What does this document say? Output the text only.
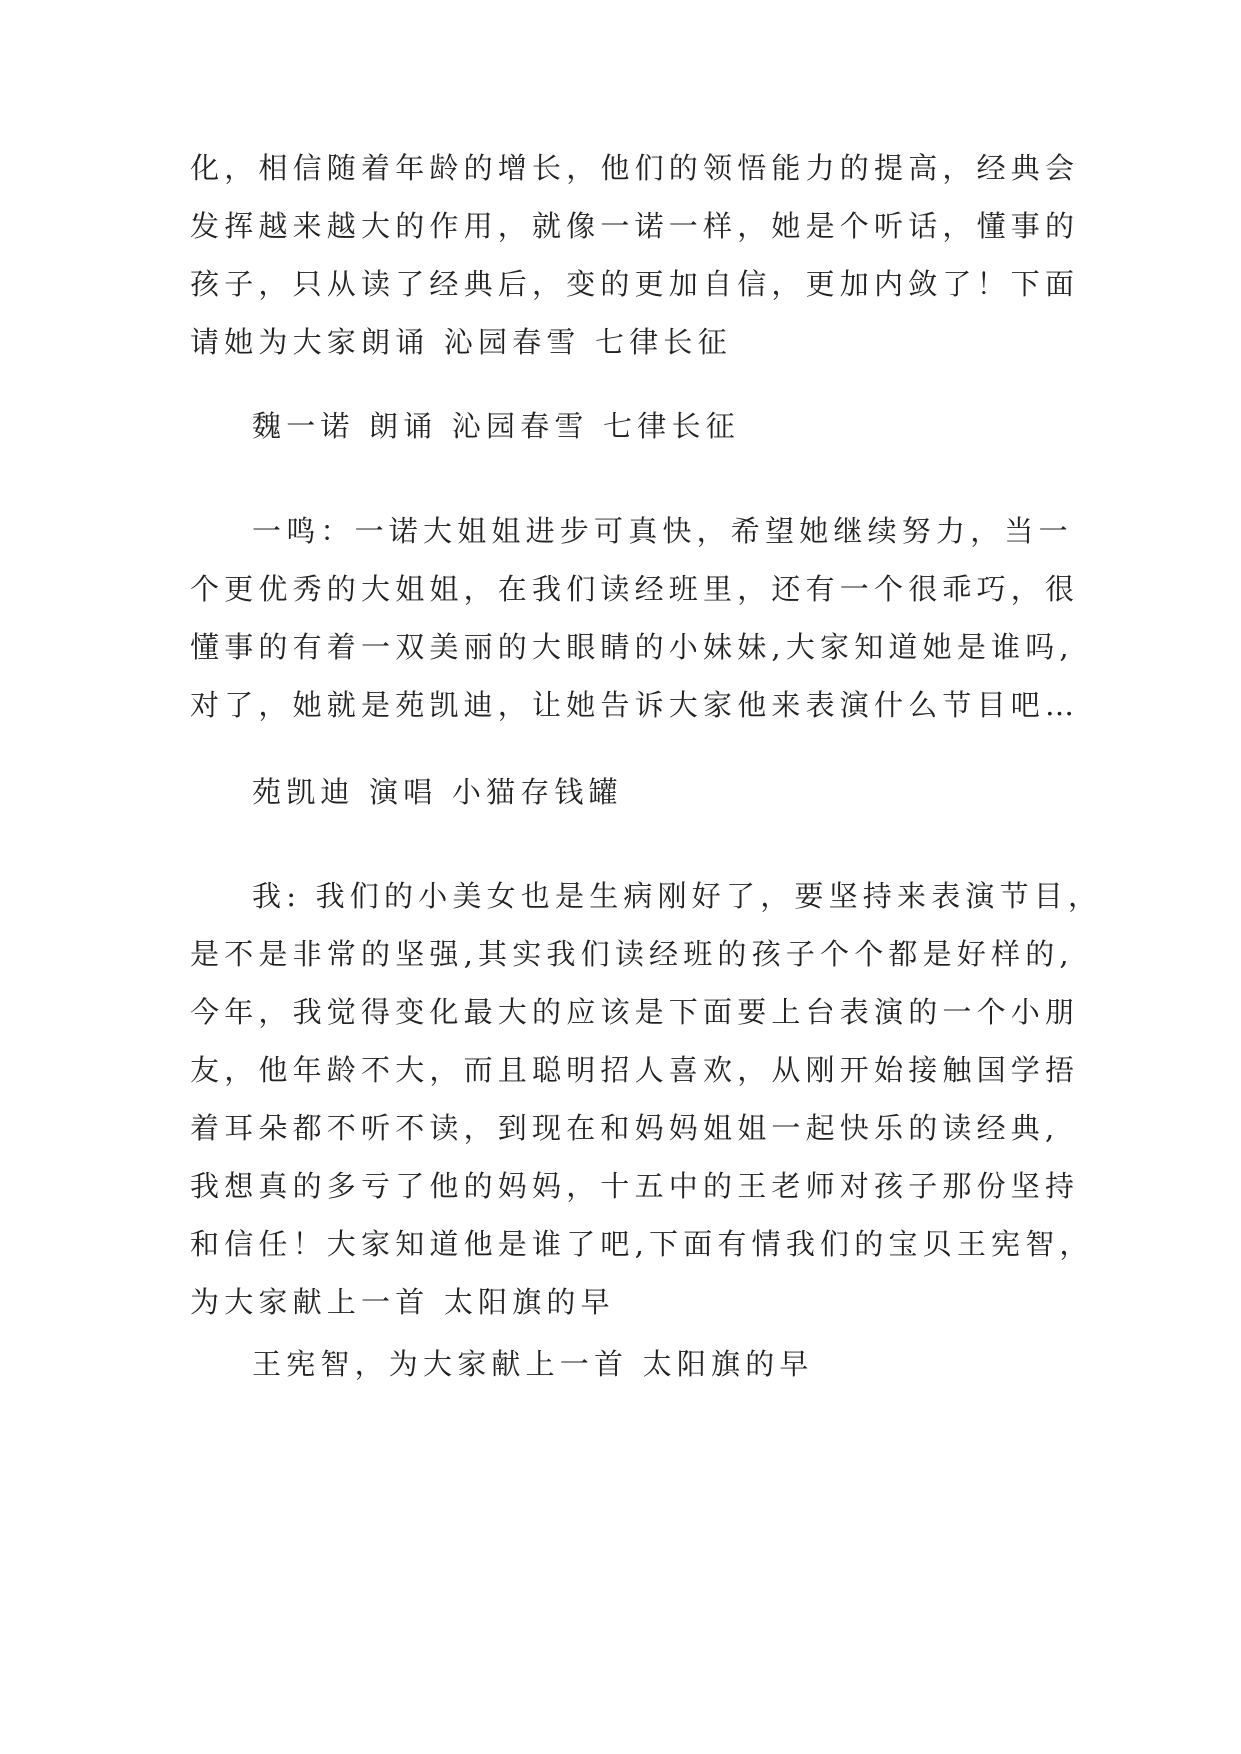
化，相信随着年龄的增长，他们的领悟能力的提高，经典会
发挥越来越大的作用，就像一诺一样，她是个听话，懂事的
孩子，只从读了经典后，变的更加自信，更加内敛了！下面
请她为大家朗诵 沁园春雪 七律长征
魏一诺 朗诵 沁园春雪 七律长征
一鸣：一诺大姐姐进步可真快，希望她继续努力，当一
个更优秀的大姐姐，在我们读经班里，还有一个很乖巧，很
懂事的有着一双美丽的大眼睛的小妹妹,大家知道她是谁吗,
对了，她就是苑凯迪，让她告诉大家他来表演什么节目吧…
苑凯迪 演唱 小猫存钱罐
我: 我们的小美女也是生病刚好了，要坚持来表演节目，
是不是非常的坚强,其实我们读经班的孩子个个都是好样的,
今年，我觉得变化最大的应该是下面要上台表演的一个小朋
友，他年龄不大，而且聪明招人喜欢，从刚开始接触国学捂
着耳朵都不听不读，到现在和妈妈姐姐一起快乐的读经典,
我想真的多亏了他的妈妈，十五中的王老师对孩子那份坚持
和信任！大家知道他是谁了吧,下面有情我们的宝贝王宪智，
为大家献上一首 太阳旗的早
王宪智，为大家献上一首 太阳旗的早
